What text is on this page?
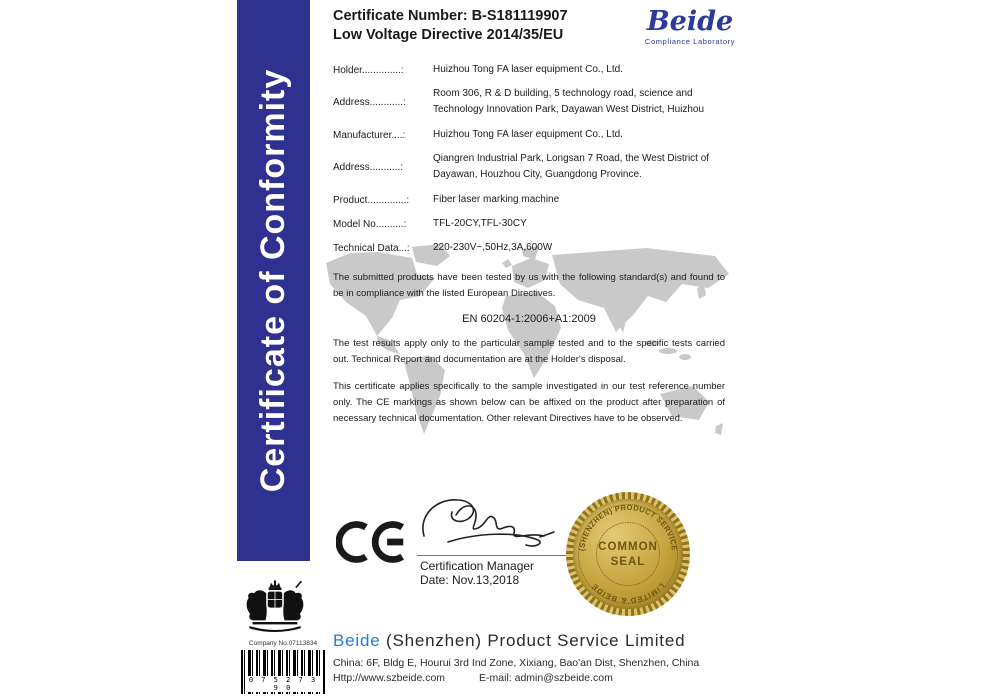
Certificate of Conformity
Certificate Number: B-S181119907
Low Voltage Directive 2014/35/EU	Beide
Compliance Laboratory
Holder..............:	Huizhou Tong FA laser equipment Co., Ltd.
Address............:
Room 306, R & D building, 5 technology road, science and Technology Innovation Park, Dayawan West District, Huizhou
Manufacturer....:	Huizhou Tong FA laser equipment Co., Ltd.
Address...........:
Qiangren Industrial Park, Longsan 7 Road, the West District of Dayawan, Houzhou City, Guangdong Province.
Product..............:	Fiber laser marking machine
Model No..........:	TFL-20CY,TFL-30CY
Technical Data...:	220-230V~,50Hz,3A,600W
The submitted products have been tested by us with the following standard(s) and found to be in compliance with the listed European Directives.
EN 60204-1:2006+A1:2009
The test results apply only to the particular sample tested and to the specific tests carried out. Technical Report and documentation are at the Holder's disposal.
This certificate applies specifically to the sample investigated in our test reference number only. The CE markings as shown below can be affixed on the product after preparation of necessary technical documentation. Other relevant Directives have to be observed.
Certification Manager
Date: Nov.13,2018
(SHENZHEN) PRODUCT SERVICE
LIMITED & BEIDE
COMMON
SEAL
Company No.07113834
0 7 5 2 7 3 9 0
Beide (Shenzhen) Product Service Limited
China: 6F, Bldg E, Hourui 3rd Ind Zone, Xixiang, Bao'an Dist, Shenzhen, China
Http://www.szbeide.com	E-mail: admin@szbeide.com
